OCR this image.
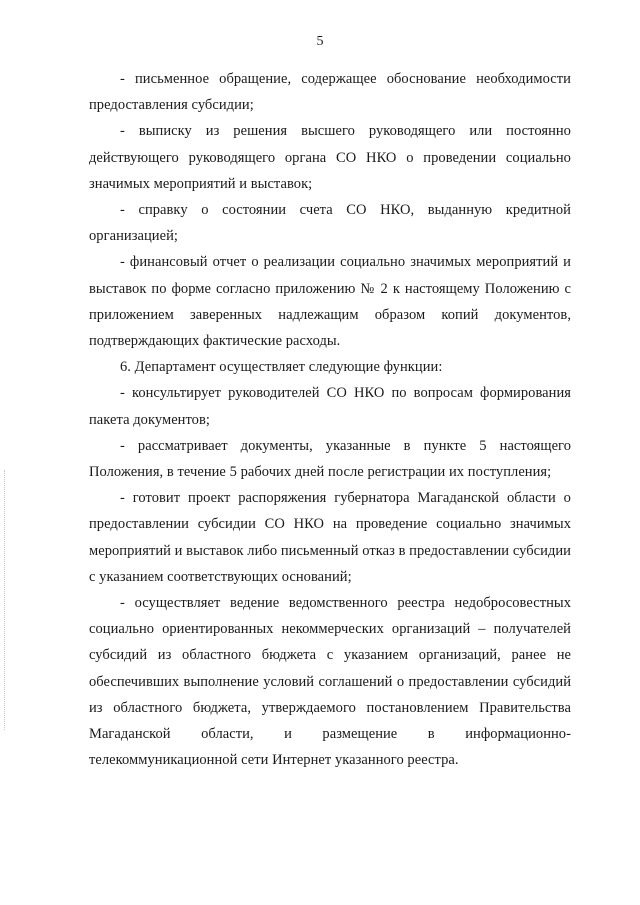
5

- письменное обращение, содержащее обоснование необходимости предоставления субсидии;

- выписку из решения высшего руководящего или постоянно действующего руководящего органа СО НКО о проведении социально значимых мероприятий и выставок;

- справку о состоянии счета СО НКО, выданную кредитной организацией;

- финансовый отчет о реализации социально значимых мероприятий и выставок по форме согласно приложению № 2 к настоящему Положению с приложением заверенных надлежащим образом копий документов, подтверждающих фактические расходы.

6. Департамент осуществляет следующие функции:

- консультирует руководителей СО НКО по вопросам формирования пакета документов;

- рассматривает документы, указанные в пункте 5 настоящего Положения, в течение 5 рабочих дней после регистрации их поступления;

- готовит проект распоряжения губернатора Магаданской области о предоставлении субсидии СО НКО на проведение социально значимых мероприятий и выставок либо письменный отказ в предоставлении субсидии с указанием соответствующих оснований;

- осуществляет ведение ведомственного реестра недобросовестных социально ориентированных некоммерческих организаций – получателей субсидий из областного бюджета с указанием организаций, ранее не обеспечивших выполнение условий соглашений о предоставлении субсидий из областного бюджета, утверждаемого постановлением Правительства Магаданской области, и размещение в информационно-телекоммуникационной сети Интернет указанного реестра.
